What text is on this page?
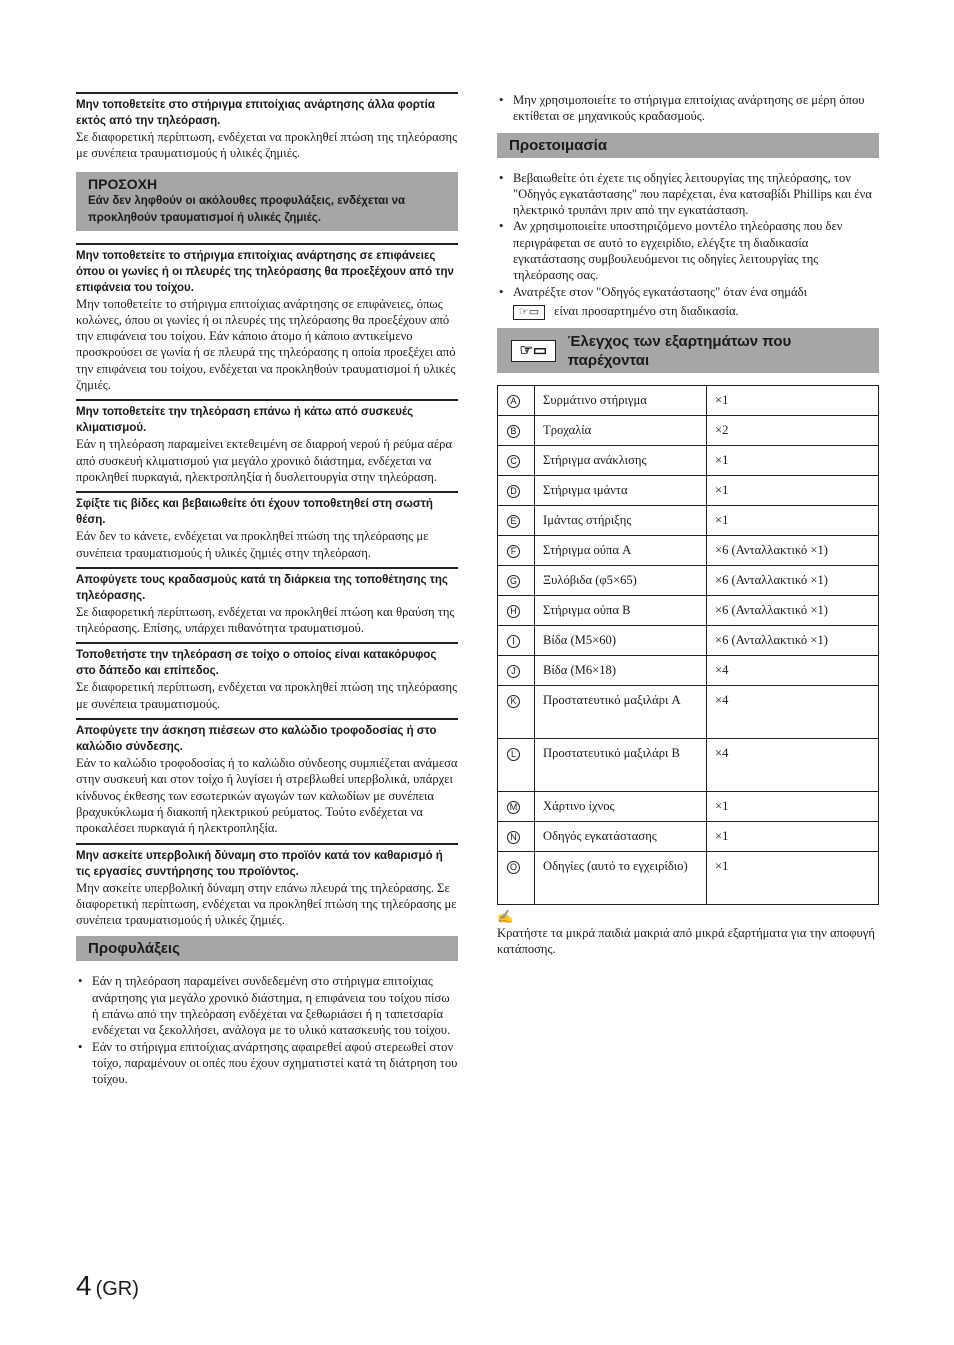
Μην τοποθετείτε στο στήριγμα επιτοίχιας ανάρτησης άλλα φορτία εκτός από την τηλεόραση.

Σε διαφορετική περίπτωση, ενδέχεται να προκληθεί πτώση της τηλεόρασης με συνέπεια τραυματισμούς ή υλικές ζημιές.

ΠΡΟΣΟΧΗ
Εάν δεν ληφθούν οι ακόλουθες προφυλάξεις, ενδέχεται να προκληθούν τραυματισμοί ή υλικές ζημιές.

Μην τοποθετείτε το στήριγμα επιτοίχιας ανάρτησης σε επιφάνειες όπου οι γωνίες ή οι πλευρές της τηλεόρασης θα προεξέχουν από την επιφάνεια του τοίχου.

Μην τοποθετείτε το στήριγμα επιτοίχιας ανάρτησης σε επιφάνειες, όπως κολώνες, όπου οι γωνίες ή οι πλευρές της τηλεόρασης θα προεξέχουν από την επιφάνεια του τοίχου. Εάν κάποιο άτομο ή κάποιο αντικείμενο προσκρούσει σε γωνία ή σε πλευρά της τηλεόρασης η οποία προεξέχει από την επιφάνεια του τοίχου, ενδέχεται να προκληθούν τραυματισμοί ή υλικές ζημιές.

Μην τοποθετείτε την τηλεόραση επάνω ή κάτω από συσκευές κλιματισμού.

Εάν η τηλεόραση παραμείνει εκτεθειμένη σε διαρροή νερού ή ρεύμα αέρα από συσκευή κλιματισμού για μεγάλο χρονικό διάστημα, ενδέχεται να προκληθεί πυρκαγιά, ηλεκτροπληξία ή δυσλειτουργία στην τηλεόραση.

Σφίξτε τις βίδες και βεβαιωθείτε ότι έχουν τοποθετηθεί στη σωστή θέση.

Εάν δεν το κάνετε, ενδέχεται να προκληθεί πτώση της τηλεόρασης με συνέπεια τραυματισμούς ή υλικές ζημιές στην τηλεόραση.

Αποφύγετε τους κραδασμούς κατά τη διάρκεια της τοποθέτησης της τηλεόρασης.

Σε διαφορετική περίπτωση, ενδέχεται να προκληθεί πτώση και θραύση της τηλεόρασης. Επίσης, υπάρχει πιθανότητα τραυματισμού.

Τοποθετήστε την τηλεόραση σε τοίχο ο οποίος είναι κατακόρυφος στο δάπεδο και επίπεδος.

Σε διαφορετική περίπτωση, ενδέχεται να προκληθεί πτώση της τηλεόρασης με συνέπεια τραυματισμούς.

Αποφύγετε την άσκηση πιέσεων στο καλώδιο τροφοδοσίας ή στο καλώδιο σύνδεσης.

Εάν το καλώδιο τροφοδοσίας ή το καλώδιο σύνδεσης συμπιέζεται ανάμεσα στην συσκευή και στον τοίχο ή λυγίσει ή στρεβλωθεί υπερβολικά, υπάρχει κίνδυνος έκθεσης των εσωτερικών αγωγών των καλωδίων με συνέπεια βραχυκύκλωμα ή διακοπή ηλεκτρικού ρεύματος. Τούτο ενδέχεται να προκαλέσει πυρκαγιά ή ηλεκτροπληξία.

Μην ασκείτε υπερβολική δύναμη στο προϊόν κατά τον καθαρισμό ή τις εργασίες συντήρησης του προϊόντος.

Μην ασκείτε υπερβολική δύναμη στην επάνω πλευρά της τηλεόρασης. Σε διαφορετική περίπτωση, ενδέχεται να προκληθεί πτώση της τηλεόρασης με συνέπεια τραυματισμούς ή υλικές ζημιές.

Προφυλάξεις
• Εάν η τηλεόραση παραμείνει συνδεδεμένη στο στήριγμα επιτοίχιας ανάρτησης για μεγάλο χρονικό διάστημα, η επιφάνεια του τοίχου πίσω ή επάνω από την τηλεόραση ενδέχεται να ξεθωριάσει ή η ταπετσαρία ενδέχεται να ξεκολλήσει, ανάλογα με το υλικό κατασκευής του τοίχου.
• Εάν το στήριγμα επιτοίχιας ανάρτησης αφαιρεθεί αφού στερεωθεί στον τοίχο, παραμένουν οι οπές που έχουν σχηματιστεί κατά τη διάτρηση του τοίχου.
• Μην χρησιμοποιείτε το στήριγμα επιτοίχιας ανάρτησης σε μέρη όπου εκτίθεται σε μηχανικούς κραδασμούς.
Προετοιμασία
• Βεβαιωθείτε ότι έχετε τις οδηγίες λειτουργίας της τηλεόρασης, τον "Οδηγός εγκατάστασης" που παρέχεται, ένα κατσαβίδι Phillips και ένα ηλεκτρικό τρυπάνι πριν από την εγκατάσταση.
• Αν χρησιμοποιείτε υποστηριζόμενο μοντέλο τηλεόρασης που δεν περιγράφεται σε αυτό το εγχειρίδιο, ελέγξτε τη διαδικασία εγκατάστασης συμβουλευόμενοι τις οδηγίες λειτουργίας της τηλεόρασης σας.
• Ανατρέξτε στον "Οδηγός εγκατάστασης" όταν ένα σημάδι
☞▭ είναι προσαρτημένο στη διαδικασία.
☞▭
Έλεγχος των εξαρτημάτων που παρέχονται
A	Συρμάτινο στήριγμα	×1
B	Τροχαλία	×2
C	Στήριγμα ανάκλισης	×1
D	Στήριγμα ιμάντα	×1
E	Ιμάντας στήριξης	×1
F	Στήριγμα ούπα A	×6 (Ανταλλακτικό ×1)
G	Ξυλόβιδα (φ5×65)	×6 (Ανταλλακτικό ×1)
H	Στήριγμα ούπα B	×6 (Ανταλλακτικό ×1)
I	Βίδα (M5×60)	×6 (Ανταλλακτικό ×1)
J	Βίδα (M6×18)	×4
K	Προστατευτικό μαξιλάρι A	×4
L	Προστατευτικό μαξιλάρι B	×4
M	Χάρτινο ίχνος	×1
N	Οδηγός εγκατάστασης	×1
O	Οδηγίες (αυτό το εγχειρίδιο)	×1
✍
Κρατήστε τα μικρά παιδιά μακριά από μικρά εξαρτήματα για την αποφυγή κατάποσης.
4 (GR)
